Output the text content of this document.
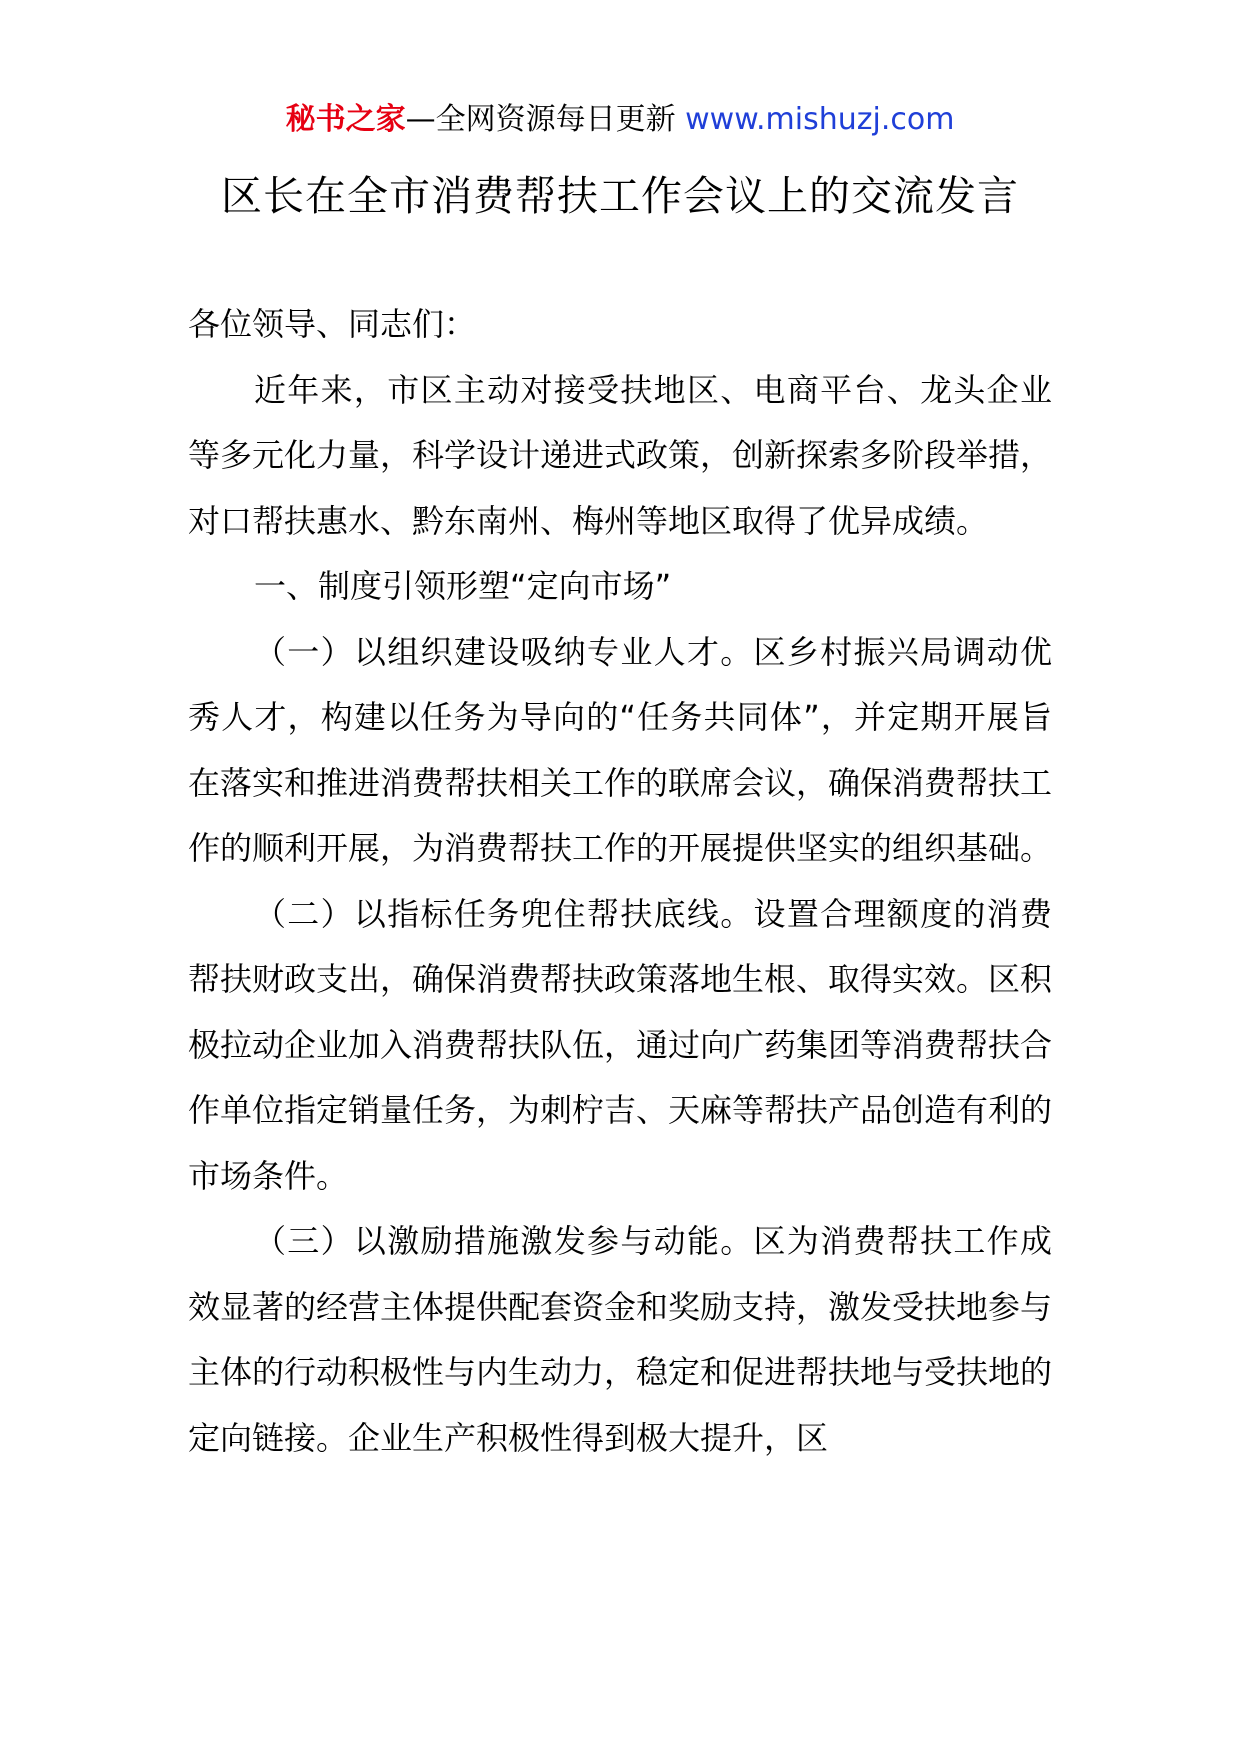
秘书之家—全网资源每日更新 www.mishuzj.com
区长在全市消费帮扶工作会议上的交流发言

各位领导、同志们：

近年来，市区主动对接受扶地区、电商平台、龙头企业等多元化力量，科学设计递进式政策，创新探索多阶段举措，对口帮扶惠水、黔东南州、梅州等地区取得了优异成绩。

一、制度引领形塑“定向市场”

（一）以组织建设吸纳专业人才。区乡村振兴局调动优秀人才，构建以任务为导向的“任务共同体”，并定期开展旨在落实和推进消费帮扶相关工作的联席会议，确保消费帮扶工作的顺利开展，为消费帮扶工作的开展提供坚实的组织基础。

（二）以指标任务兜住帮扶底线。设置合理额度的消费帮扶财政支出，确保消费帮扶政策落地生根、取得实效。区积极拉动企业加入消费帮扶队伍，通过向广药集团等消费帮扶合作单位指定销量任务，为刺柠吉、天麻等帮扶产品创造有利的市场条件。

（三）以激励措施激发参与动能。区为消费帮扶工作成效显著的经营主体提供配套资金和奖励支持，激发受扶地参与主体的行动积极性与内生动力，稳定和促进帮扶地与受扶地的定向链接。企业生产积极性得到极大提升，区
